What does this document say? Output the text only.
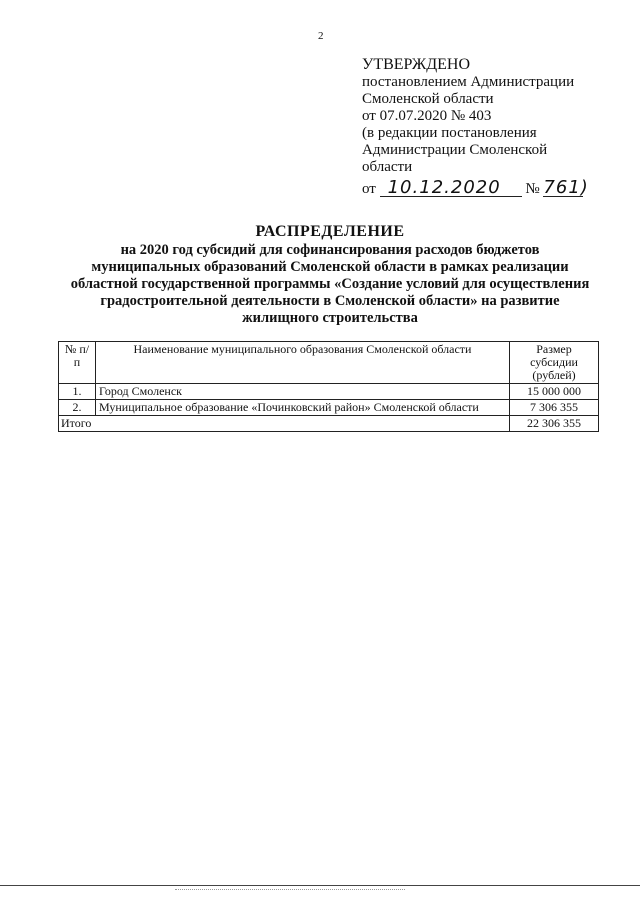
2
УТВЕРЖДЕНО
постановлением Администрации
Смоленской области
от 07.07.2020 № 403
(в редакции постановления
Администрации Смоленской
области
от 10.12.2020 № 761)
РАСПРЕДЕЛЕНИЕ
на 2020 год субсидий для софинансирования расходов бюджетов
муниципальных образований Смоленской области в рамках реализации
областной государственной программы «Создание условий для осуществления
градостроительной деятельности в Смоленской области» на развитие
жилищного строительства
№ п/п	Наименование муниципального образования Смоленской области	Размер субсидии (рублей)
1.	Город Смоленск	15 000 000
2.	Муниципальное образование «Починковский район» Смоленской области	7 306 355
Итого		22 306 355
